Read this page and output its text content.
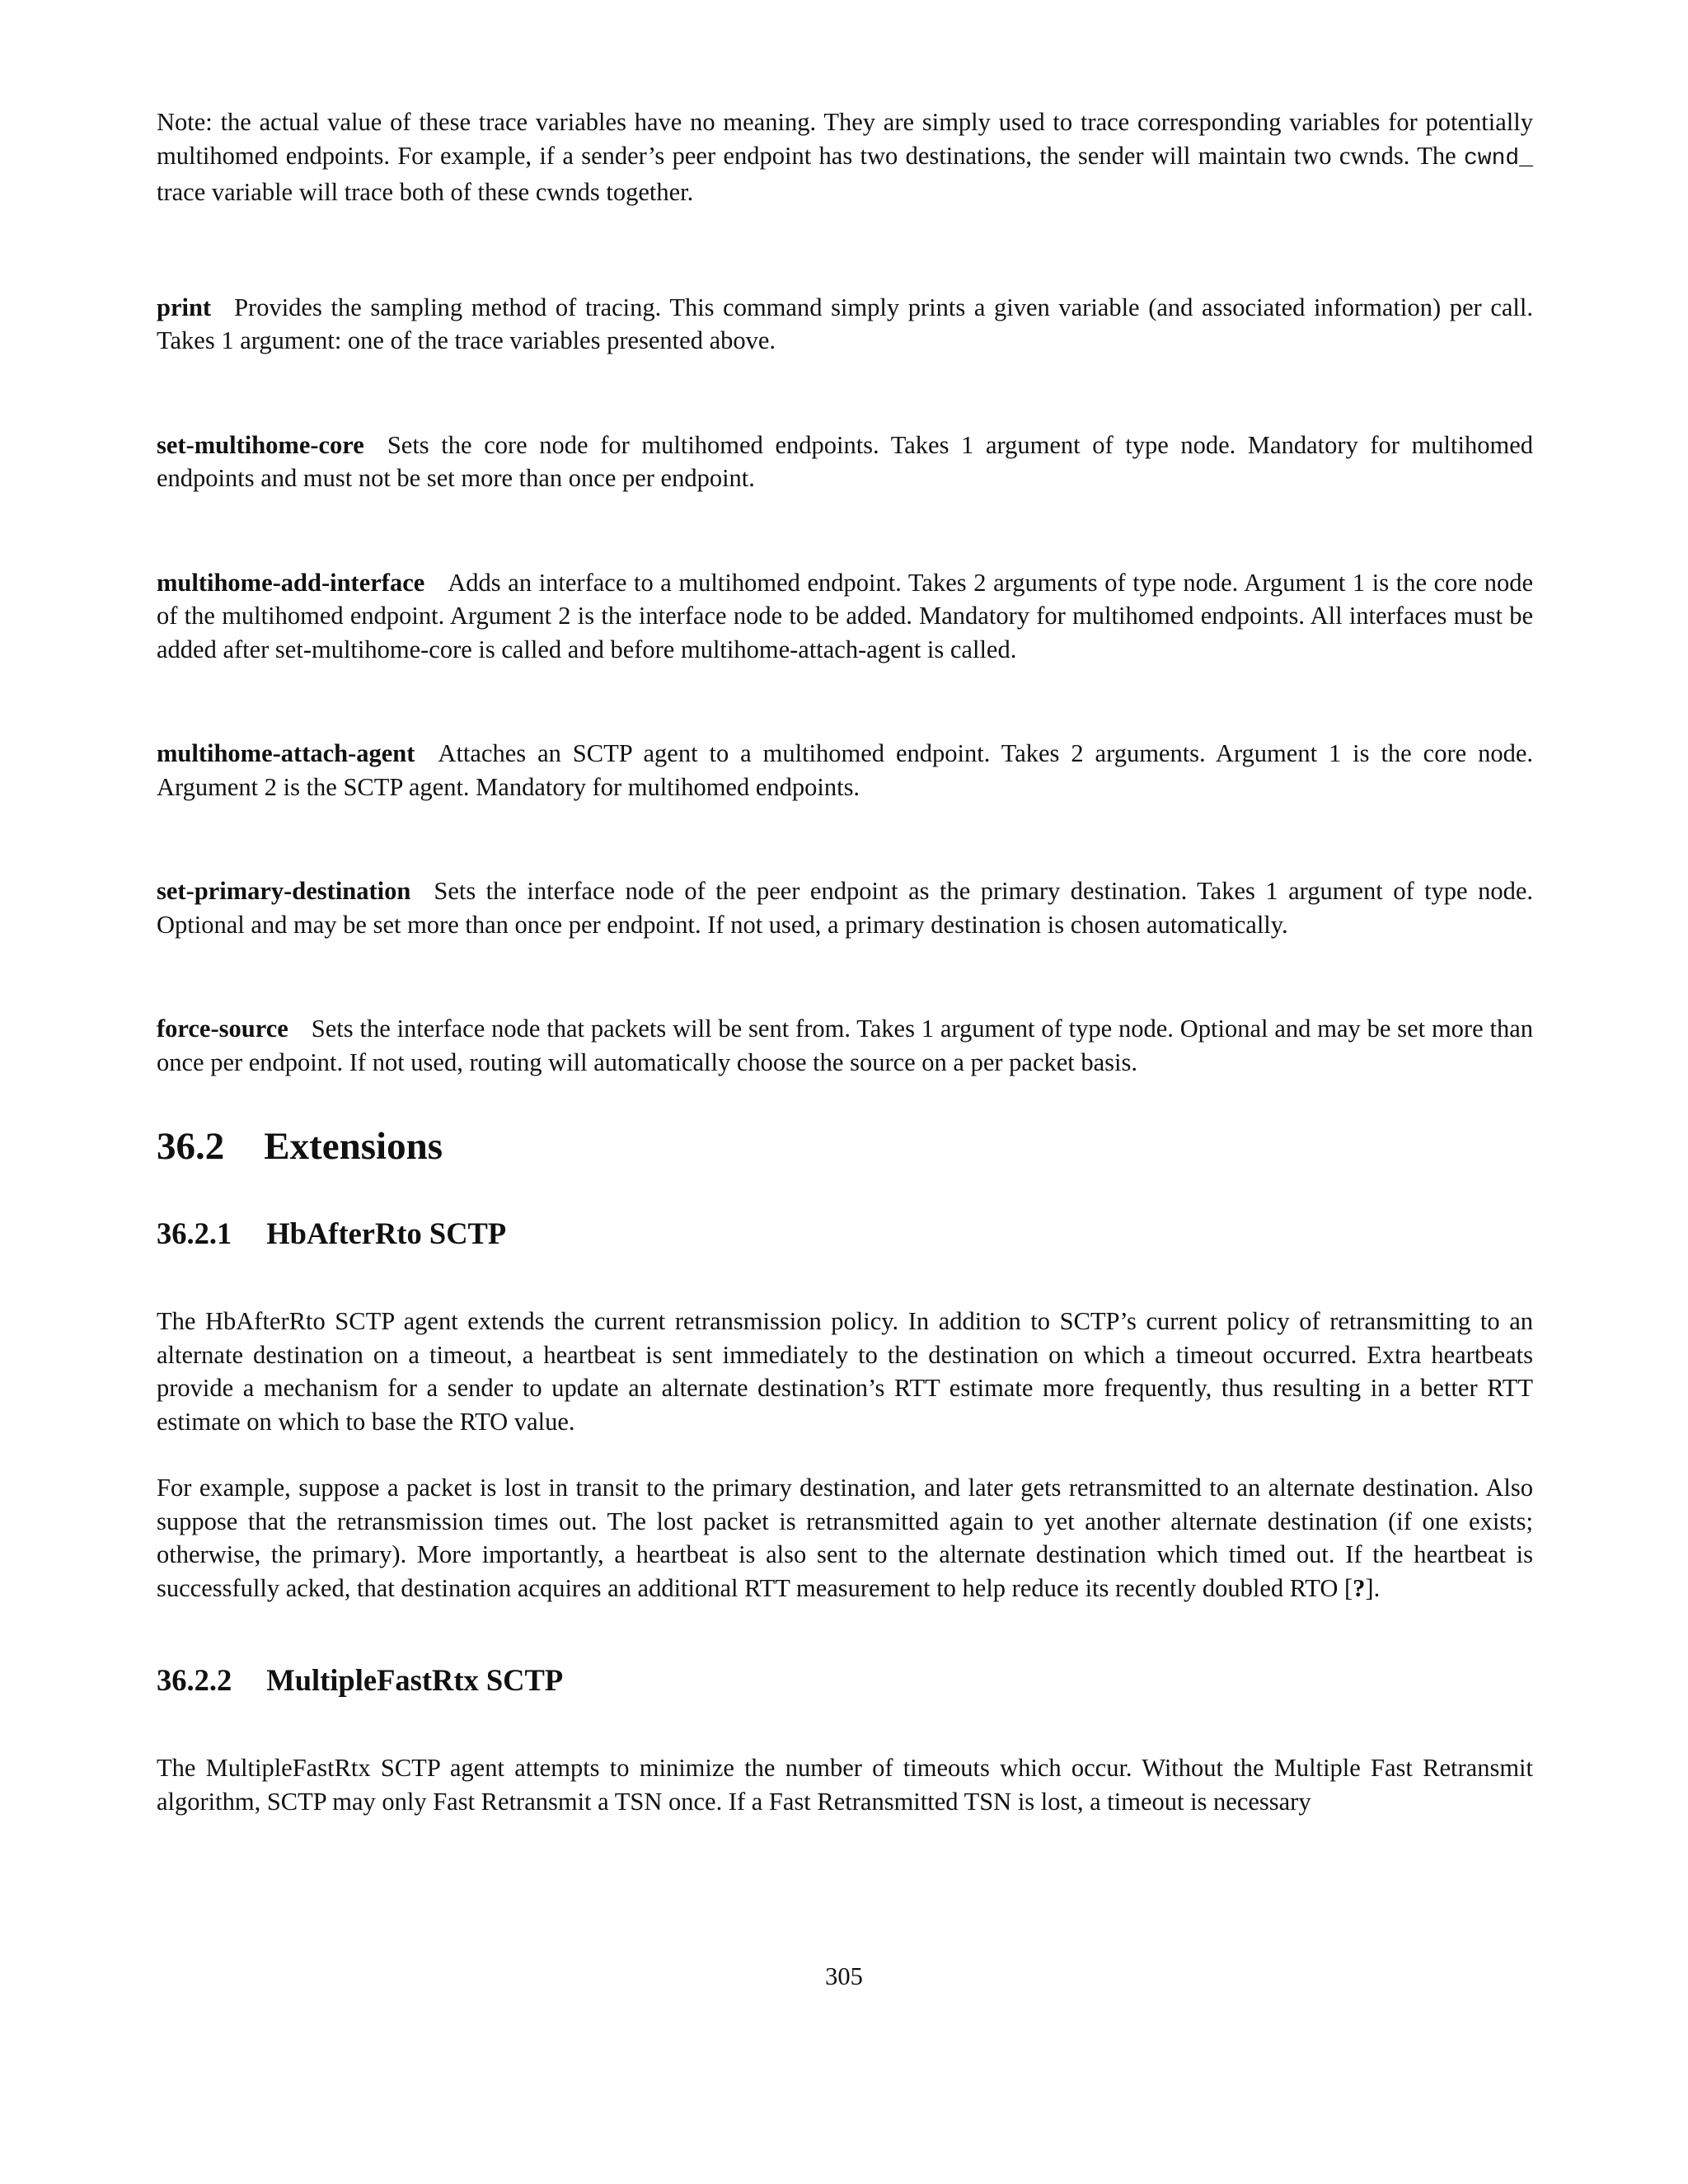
Note: the actual value of these trace variables have no meaning. They are simply used to trace corresponding variables for potentially multihomed endpoints. For example, if a sender’s peer endpoint has two destinations, the sender will maintain two cwnds. The cwnd_ trace variable will trace both of these cwnds together.

print Provides the sampling method of tracing. This command simply prints a given variable (and associated information) per call. Takes 1 argument: one of the trace variables presented above.

set-multihome-core Sets the core node for multihomed endpoints. Takes 1 argument of type node. Mandatory for multihomed endpoints and must not be set more than once per endpoint.

multihome-add-interface Adds an interface to a multihomed endpoint. Takes 2 arguments of type node. Argument 1 is the core node of the multihomed endpoint. Argument 2 is the interface node to be added. Mandatory for multihomed endpoints. All interfaces must be added after set-multihome-core is called and before multihome-attach-agent is called.

multihome-attach-agent Attaches an SCTP agent to a multihomed endpoint. Takes 2 arguments. Argument 1 is the core node. Argument 2 is the SCTP agent. Mandatory for multihomed endpoints.

set-primary-destination Sets the interface node of the peer endpoint as the primary destination. Takes 1 argument of type node. Optional and may be set more than once per endpoint. If not used, a primary destination is chosen automatically.

force-source Sets the interface node that packets will be sent from. Takes 1 argument of type node. Optional and may be set more than once per endpoint. If not used, routing will automatically choose the source on a per packet basis.

36.2 Extensions
36.2.1 HbAfterRto SCTP

The HbAfterRto SCTP agent extends the current retransmission policy. In addition to SCTP’s current policy of retransmitting to an alternate destination on a timeout, a heartbeat is sent immediately to the destination on which a timeout occurred. Extra heartbeats provide a mechanism for a sender to update an alternate destination’s RTT estimate more frequently, thus resulting in a better RTT estimate on which to base the RTO value.

For example, suppose a packet is lost in transit to the primary destination, and later gets retransmitted to an alternate destination. Also suppose that the retransmission times out. The lost packet is retransmitted again to yet another alternate destination (if one exists; otherwise, the primary). More importantly, a heartbeat is also sent to the alternate destination which timed out. If the heartbeat is successfully acked, that destination acquires an additional RTT measurement to help reduce its recently doubled RTO [?].

36.2.2 MultipleFastRtx SCTP

The MultipleFastRtx SCTP agent attempts to minimize the number of timeouts which occur. Without the Multiple Fast Retransmit algorithm, SCTP may only Fast Retransmit a TSN once. If a Fast Retransmitted TSN is lost, a timeout is necessary

305
